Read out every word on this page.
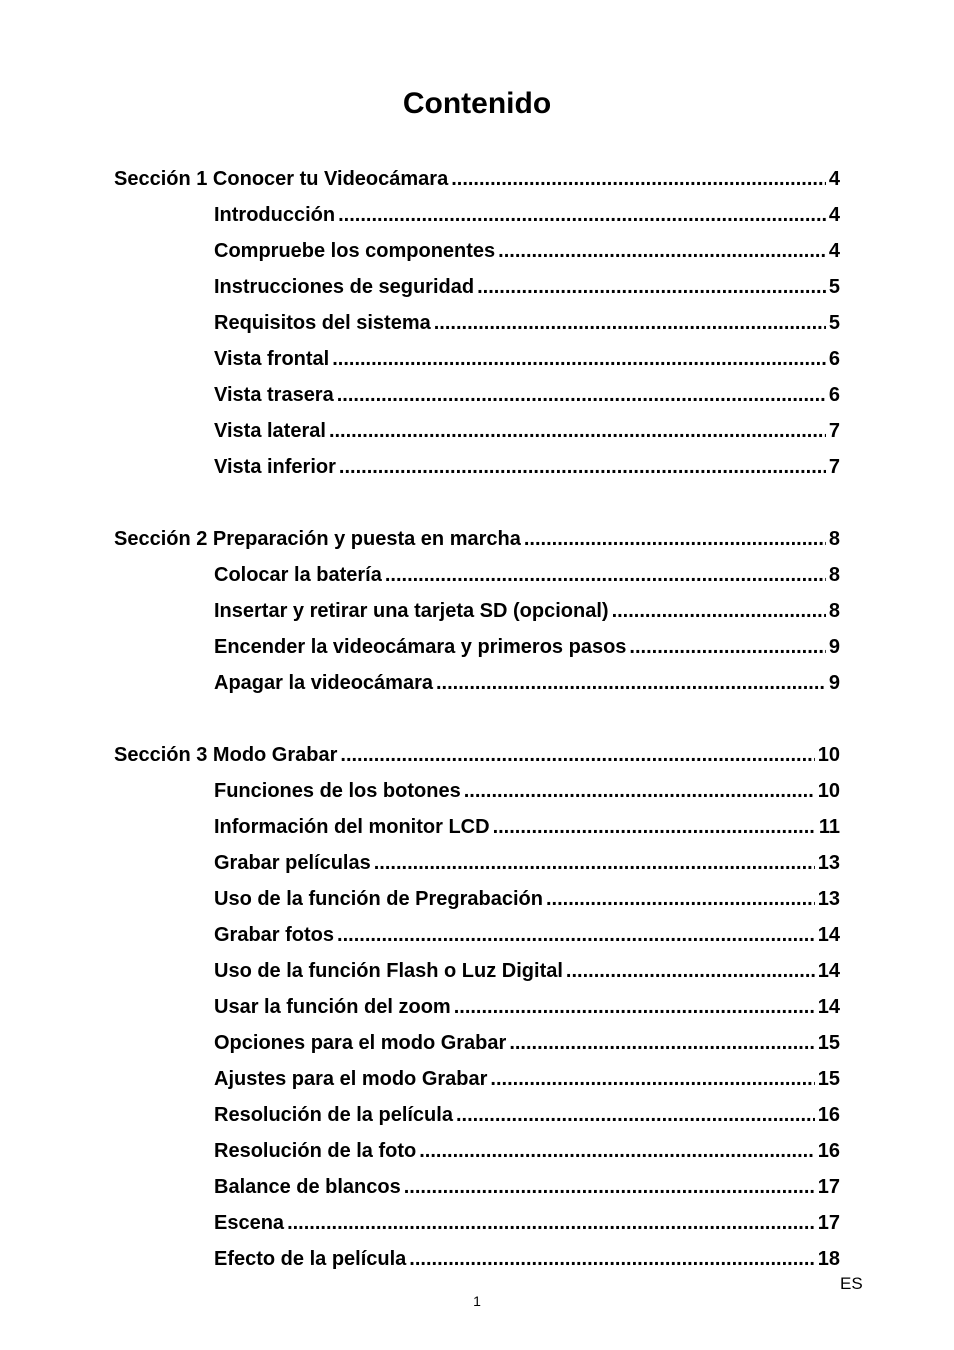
Contenido
Sección 1 Conocer tu Videocámara .....	4
Introducción .....	4
Compruebe los componentes .....	4
Instrucciones de seguridad .....	5
Requisitos del sistema .....	5
Vista frontal .....	6
Vista trasera .....	6
Vista lateral .....	7
Vista inferior .....	7
Sección 2 Preparación y puesta en marcha .....	8
Colocar la batería .....	8
Insertar y retirar una tarjeta SD (opcional) .....	8
Encender la videocámara y primeros pasos .....	9
Apagar la videocámara .....	9
Sección 3 Modo Grabar .....	10
Funciones de los botones .....	10
Información del monitor LCD .....	11
Grabar películas .....	13
Uso de la función de Pregrabación .....	13
Grabar fotos .....	14
Uso de la función Flash o Luz Digital .....	14
Usar la función del zoom .....	14
Opciones para el modo Grabar .....	15
Ajustes para el modo Grabar .....	15
Resolución de la película .....	16
Resolución de la foto .....	16
Balance de blancos .....	17
Escena .....	17
Efecto de la película .....	18
ES
1
